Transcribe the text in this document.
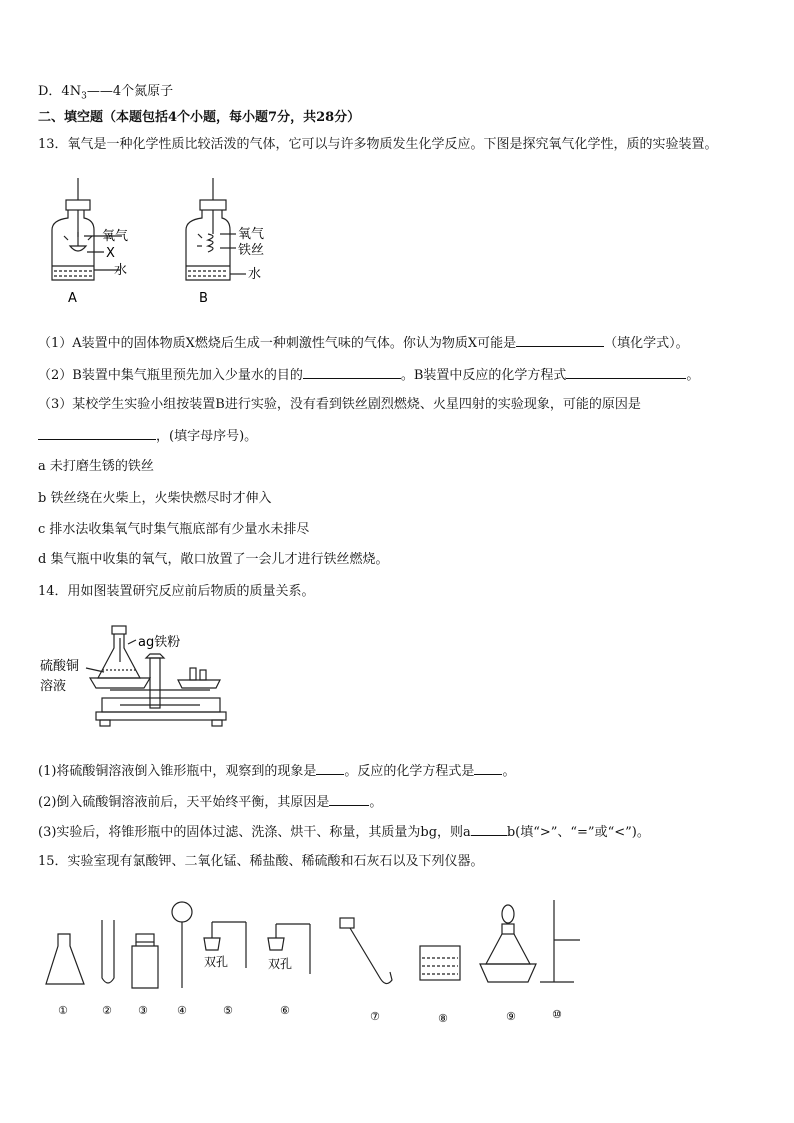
D．$4N_3——4$个氮原子
二、填空题（本题包括4个小题，每小题7分，共28分）
13．氧气是一种化学性质比较活泼的气体，它可以与许多物质发生化学反应。下图是探究氧气化学性，质的实验装置。
氧气
X
水
A
氧气
铁丝
水
B
（1）A装置中的固体物质X燃烧后生成一种刺激性气味的气体。你认为物质X可能是	（填化学式）。
（2）B装置中集气瓶里预先加入少量水的目的	。B装置中反应的化学方程式	。
（3）某校学生实验小组按装置B进行实验，没有看到铁丝剧烈燃烧、火星四射的实验现象，可能的原因是
，(填字母序号)。
a 未打磨生锈的铁丝
b 铁丝绕在火柴上，火柴快燃尽时才伸入
c 排水法收集氧气时集气瓶底部有少量水未排尽
d 集气瓶中收集的氧气，敞口放置了一会儿才进行铁丝燃烧。
14．用如图装置研究反应前后物质的质量关系。
ag铁粉
硫酸铜
溶液
(1)将硫酸铜溶液倒入锥形瓶中，观察到的现象是 。反应的化学方程式是 。
(2)倒入硫酸铜溶液前后，天平始终平衡，其原因是	。
(3)实验后，将锥形瓶中的固体过滤、洗涤、烘干、称量，其质量为bg，则a	b(填“>”、“=”或“<”)。
15．实验室现有氯酸钾、二氧化锰、稀盐酸、稀硫酸和石灰石以及下列仪器。
双孔	双孔
①	② ③	④	⑤	⑥	⑦	⑧	⑨	⑩
